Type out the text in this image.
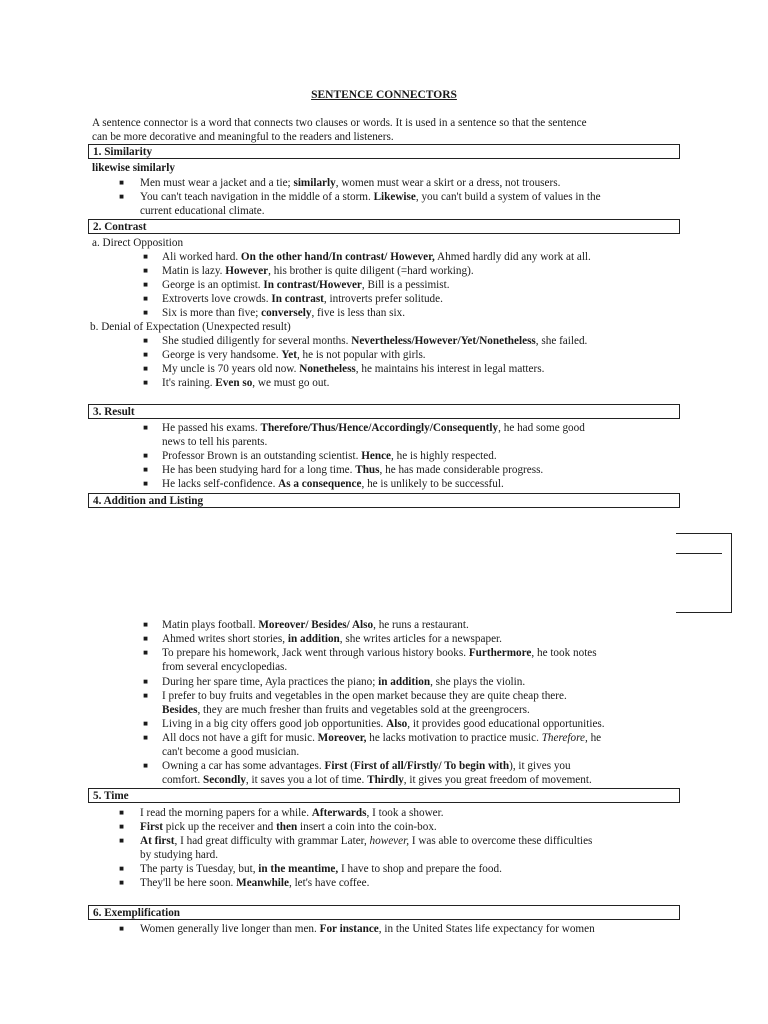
SENTENCE CONNECTORS
A sentence connector is a word that connects two clauses or words. It is used in a sentence so that the sentence
can be more decorative and meaningful to the readers and listeners.
1. Similarity
likewise similarly
■ Men must wear a jacket and a tie; similarly, women must wear a skirt or a dress, not trousers.
■ You can't teach navigation in the middle of a storm. Likewise, you can't build a system of values in the
current educational climate.
2. Contrast
a. Direct Opposition
■ Ali worked hard. On the other hand/In contrast/ However, Ahmed hardly did any work at all.
■ Matin is lazy. However, his brother is quite diligent (=hard working).
■ George is an optimist. In contrast/However, Bill is a pessimist.
■ Extroverts love crowds. In contrast, introverts prefer solitude.
■ Six is more than five; conversely, five is less than six.
b. Denial of Expectation (Unexpected result)
■ She studied diligently for several months. Nevertheless/However/Yet/Nonetheless, she failed.
■ George is very handsome. Yet, he is not popular with girls.
■ My uncle is 70 years old now. Nonetheless, he maintains his interest in legal matters.
■ It's raining. Even so, we must go out.
3. Result
■ He passed his exams. Therefore/Thus/Hence/Accordingly/Consequently, he had some good
news to tell his parents.
■ Professor Brown is an outstanding scientist. Hence, he is highly respected.
■ He has been studying hard for a long time. Thus, he has made considerable progress.
■ He lacks self-confidence. As a consequence, he is unlikely to be successful.
4. Addition and Listing
■ Matin plays football. Moreover/ Besides/ Also, he runs a restaurant.
■ Ahmed writes short stories, in addition, she writes articles for a newspaper.
■ To prepare his homework, Jack went through various history books. Furthermore, he took notes
from several encyclopedias.
■ During her spare time, Ayla practices the piano; in addition, she plays the violin.
■ I prefer to buy fruits and vegetables in the open market because they are quite cheap there.
Besides, they are much fresher than fruits and vegetables sold at the greengrocers.
■ Living in a big city offers good job opportunities. Also, it provides good educational opportunities.
■ All docs not have a gift for music. Moreover, he lacks motivation to practice music. Therefore, he
can't become a good musician.
■ Owning a car has some advantages. First (First of all/Firstly/ To begin with), it gives you
comfort. Secondly, it saves you a lot of time. Thirdly, it gives you great freedom of movement.
5. Time
■ I read the morning papers for a while. Afterwards, I took a shower.
■ First pick up the receiver and then insert a coin into the coin-box.
■ At first, I had great difficulty with grammar Later, however, I was able to overcome these difficulties
by studying hard.
■ The party is Tuesday, but, in the meantime, I have to shop and prepare the food.
■ They'll be here soon. Meanwhile, let's have coffee.
6. Exemplification
■ Women generally live longer than men. For instance, in the United States life expectancy for women
